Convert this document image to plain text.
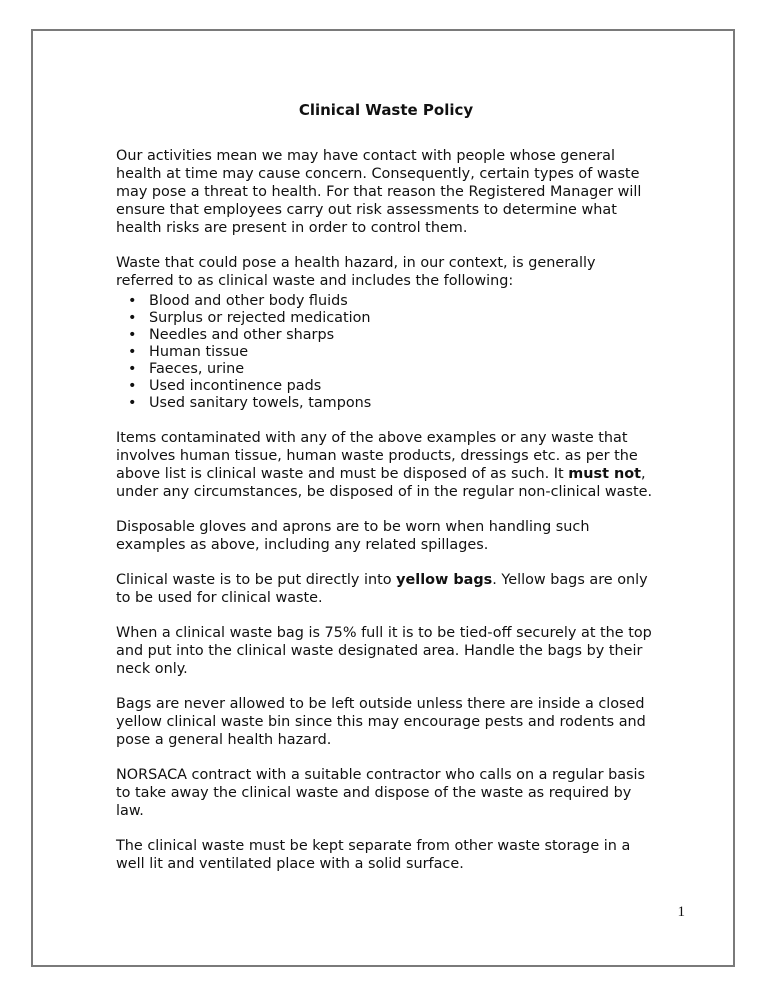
Clinical Waste Policy

Our activities mean we may have contact with people whose general health at time may cause concern. Consequently, certain types of waste may pose a threat to health. For that reason the Registered Manager will ensure that employees carry out risk assessments to determine what health risks are present in order to control them.

Waste that could pose a health hazard, in our context, is generally referred to as clinical waste and includes the following:

• Blood and other body fluids
• Surplus or rejected medication
• Needles and other sharps
• Human tissue
• Faeces, urine
• Used incontinence pads
• Used sanitary towels, tampons

Items contaminated with any of the above examples or any waste that involves human tissue, human waste products, dressings etc. as per the above list is clinical waste and must be disposed of as such. It must not, under any circumstances, be disposed of in the regular non-clinical waste.

Disposable gloves and aprons are to be worn when handling such examples as above, including any related spillages.

Clinical waste is to be put directly into yellow bags. Yellow bags are only to be used for clinical waste.

When a clinical waste bag is 75% full it is to be tied-off securely at the top and put into the clinical waste designated area. Handle the bags by their neck only.

Bags are never allowed to be left outside unless there are inside a closed yellow clinical waste bin since this may encourage pests and rodents and pose a general health hazard.

NORSACA contract with a suitable contractor who calls on a regular basis to take away the clinical waste and dispose of the waste as required by law.

The clinical waste must be kept separate from other waste storage in a well lit and ventilated place with a solid surface.

1
